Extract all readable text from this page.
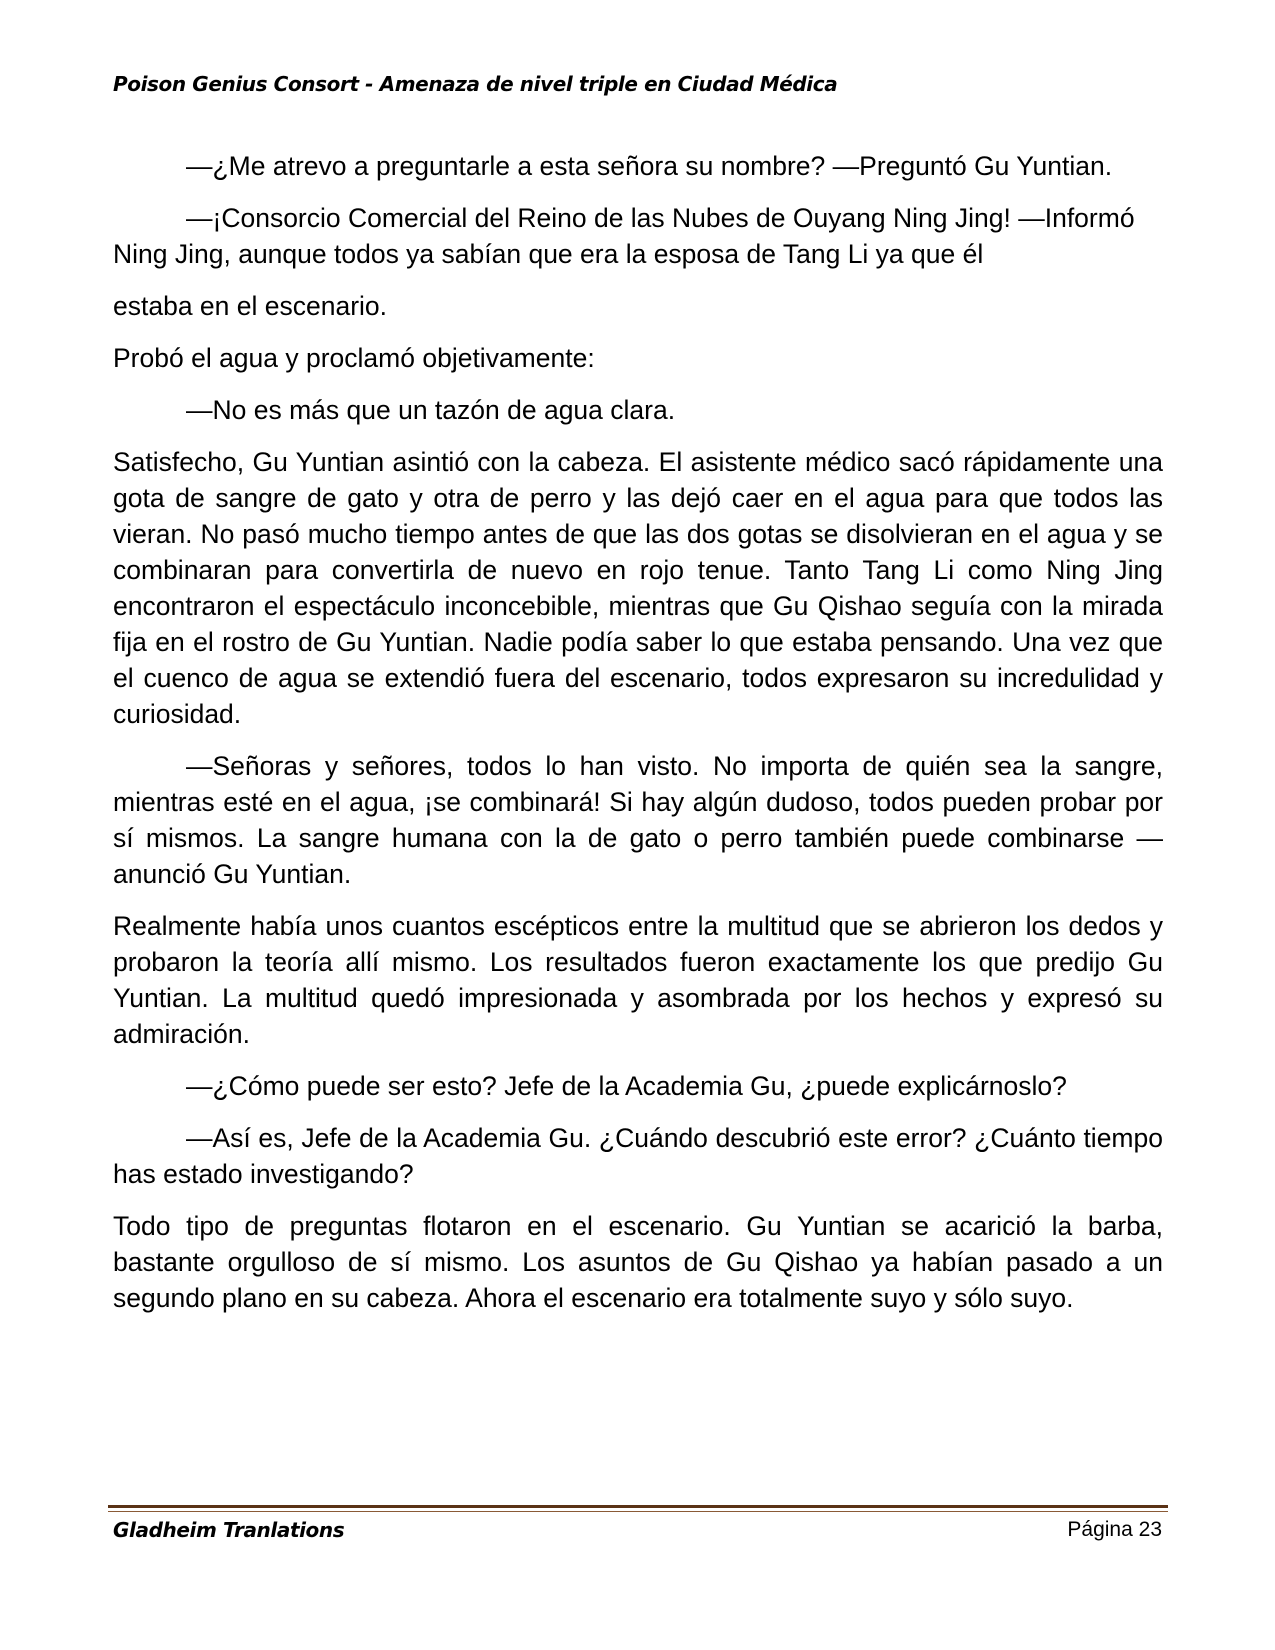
Poison Genius Consort - Amenaza de nivel triple en Ciudad Médica

—¿Me atrevo a preguntarle a esta señora su nombre? —Preguntó Gu Yuntian.

—¡Consorcio Comercial del Reino de las Nubes de Ouyang Ning Jing! —Informó Ning Jing, aunque todos ya sabían que era la esposa de Tang Li ya que él

estaba en el escenario.

Probó el agua y proclamó objetivamente:

—No es más que un tazón de agua clara.

Satisfecho, Gu Yuntian asintió con la cabeza. El asistente médico sacó rápidamente una gota de sangre de gato y otra de perro y las dejó caer en el agua para que todos las vieran. No pasó mucho tiempo antes de que las dos gotas se disolvieran en el agua y se combinaran para convertirla de nuevo en rojo tenue. Tanto Tang Li como Ning Jing encontraron el espectáculo inconcebible, mientras que Gu Qishao seguía con la mirada fija en el rostro de Gu Yuntian. Nadie podía saber lo que estaba pensando. Una vez que el cuenco de agua se extendió fuera del escenario, todos expresaron su incredulidad y curiosidad.

—Señoras y señores, todos lo han visto. No importa de quién sea la sangre, mientras esté en el agua, ¡se combinará! Si hay algún dudoso, todos pueden probar por sí mismos. La sangre humana con la de gato o perro también puede combinarse —anunció Gu Yuntian.

Realmente había unos cuantos escépticos entre la multitud que se abrieron los dedos y probaron la teoría allí mismo. Los resultados fueron exactamente los que predijo Gu Yuntian. La multitud quedó impresionada y asombrada por los hechos y expresó su admiración.

—¿Cómo puede ser esto? Jefe de la Academia Gu, ¿puede explicárnoslo?

—Así es, Jefe de la Academia Gu. ¿Cuándo descubrió este error? ¿Cuánto tiempo has estado investigando?

Todo tipo de preguntas flotaron en el escenario. Gu Yuntian se acarició la barba, bastante orgulloso de sí mismo. Los asuntos de Gu Qishao ya habían pasado a un segundo plano en su cabeza. Ahora el escenario era totalmente suyo y sólo suyo.

Gladheim Tranlations	Página 23
